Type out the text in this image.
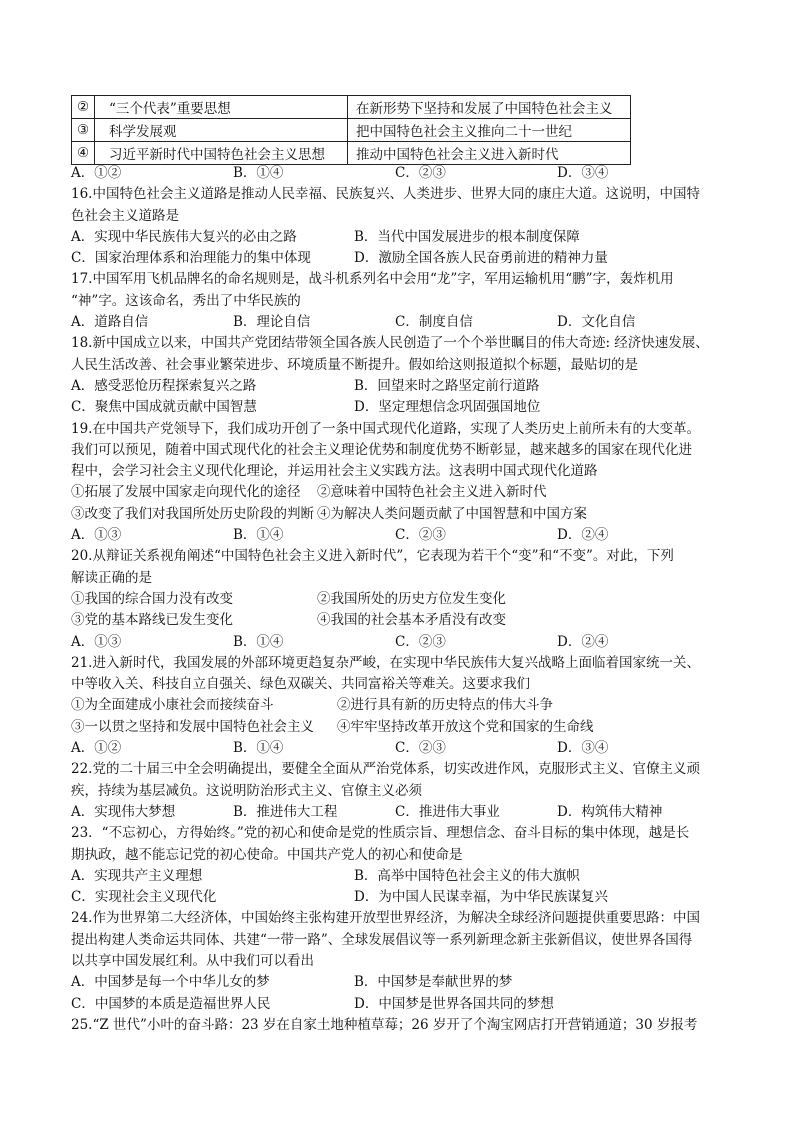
②	“三个代表”重要思想	在新形势下坚持和发展了中国特色社会主义
③	科学发展观	把中国特色社会主义推向二十一世纪
④	习近平新时代中国特色社会主义思想	推动中国特色社会主义进入新时代
A．①②	B．①④	C．②③	D．③④
16.中国特色社会主义道路是推动人民幸福、民族复兴、人类进步、世界大同的康庄大道。这说明，中国特
色社会主义道路是
A．实现中华民族伟大复兴的必由之路	B．当代中国发展进步的根本制度保障
C．国家治理体系和治理能力的集中体现	D．激励全国各族人民奋勇前进的精神力量
17.中国军用飞机品牌名的命名规则是，战斗机系列名中会用“龙”字，军用运输机用“鹏”字，轰炸机用
“神”字。这该命名，秀出了中华民族的
A．道路自信	B．理论自信	C．制度自信	D．文化自信
18.新中国成立以来，中国共产党团结带领全国各族人民创造了一个个举世瞩目的伟大奇迹: 经济快速发展、
人民生活改善、社会事业繁荣进步、环境质量不断提升。假如给这则报道拟个标题，最贴切的是
A．感受恶怆历程探索复兴之路	B．回望来时之路坚定前行道路
C．聚焦中国成就贡献中国智慧	D．坚定理想信念巩固强国地位
19.在中国共产党领导下，我们成功开创了一条中国式现代化道路，实现了人类历史上前所未有的大变革。
我们可以预见，随着中国式现代化的社会主义理论优势和制度优势不断彰显，越来越多的国家在现代化进
程中，会学习社会主义现代化理论，并运用社会主义实践方法。这表明中国式现代化道路
①拓展了发展中国家走向现代化的途径	②意味着中国特色社会主义进入新时代
③改变了我们对我国所处历史阶段的判断 ④为解决人类问题贡献了中国智慧和中国方案
A．①③	B．①④	C．②③	D．②④
20.从辩证关系视角阐述“中国特色社会主义进入新时代”，它表现为若干个“变”和“不变”。对此，下列
解读正确的是
①我国的综合国力没有改变	②我国所处的历史方位发生变化
③党的基本路线已发生变化	④我国的社会基本矛盾没有改变
A．①③	B．①④	C．②③	D．②④
21.进入新时代，我国发展的外部环境更趋复杂严峻，在实现中华民族伟大复兴战略上面临着国家统一关、
中等收入关、科技自立自强关、绿色双碳关、共同富裕关等难关。这要求我们
①为全面建成小康社会而接续奋斗	②进行具有新的历史特点的伟大斗争
③一以贯之坚持和发展中国特色社会主义	④牢牢坚持改革开放这个党和国家的生命线
A．①②	B．①④	C．②③	D．③④
22.党的二十届三中全会明确提出，要健全全面从严治党体系，切实改进作风，克服形式主义、官僚主义顽
疾，持续为基层减负。这说明防治形式主义、官僚主义必须
A．实现伟大梦想	B．推进伟大工程	C．推进伟大事业	D．构筑伟大精神
23．“不忘初心，方得始终。”党的初心和使命是党的性质宗旨、理想信念、奋斗目标的集中体现，越是长
期执政，越不能忘记党的初心使命。中国共产党人的初心和使命是
A．实现共产主义理想	B．高举中国特色社会主义的伟大旗帜
C．实现社会主义现代化	D．为中国人民谋幸福，为中华民族谋复兴
24.作为世界第二大经济体，中国始终主张构建开放型世界经济，为解决全球经济问题提供重要思路：中国
提出构建人类命运共同体、共建“一带一路”、全球发展倡议等一系列新理念新主张新倡议，使世界各国得
以共享中国发展红利。从中我们可以看出
A．中国梦是每一个中华儿女的梦	B．中国梦是奉献世界的梦
C．中国梦的本质是造福世界人民	D．中国梦是世界各国共同的梦想
25.“Z 世代”小叶的奋斗路：23 岁在自家土地种植草莓；26 岁开了个淘宝网店打开营销通道；30 岁报考
